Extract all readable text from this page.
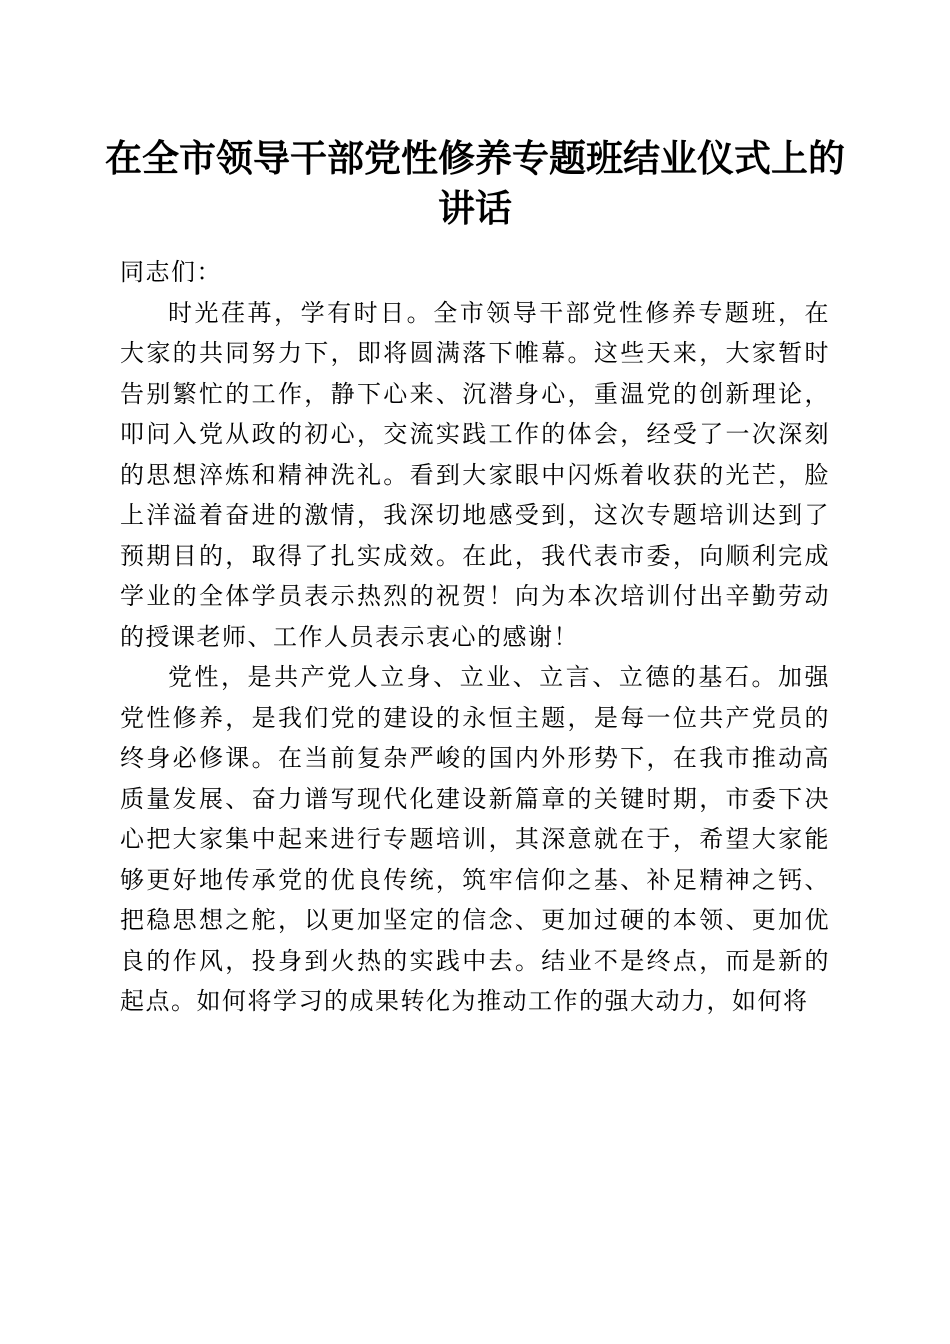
在全市领导干部党性修养专题班结业仪式上的讲话

同志们：

时光荏苒，学有时日。全市领导干部党性修养专题班，在大家的共同努力下，即将圆满落下帷幕。这些天来，大家暂时告别繁忙的工作，静下心来、沉潜身心，重温党的创新理论，叩问入党从政的初心，交流实践工作的体会，经受了一次深刻的思想淬炼和精神洗礼。看到大家眼中闪烁着收获的光芒，脸上洋溢着奋进的激情，我深切地感受到，这次专题培训达到了预期目的，取得了扎实成效。在此，我代表市委，向顺利完成学业的全体学员表示热烈的祝贺！向为本次培训付出辛勤劳动的授课老师、工作人员表示衷心的感谢！

党性，是共产党人立身、立业、立言、立德的基石。加强党性修养，是我们党的建设的永恒主题，是每一位共产党员的终身必修课。在当前复杂严峻的国内外形势下，在我市推动高质量发展、奋力谱写现代化建设新篇章的关键时期，市委下决心把大家集中起来进行专题培训，其深意就在于，希望大家能够更好地传承党的优良传统，筑牢信仰之基、补足精神之钙、把稳思想之舵，以更加坚定的信念、更加过硬的本领、更加优良的作风，投身到火热的实践中去。结业不是终点，而是新的起点。如何将学习的成果转化为推动工作的强大动力，如何将
